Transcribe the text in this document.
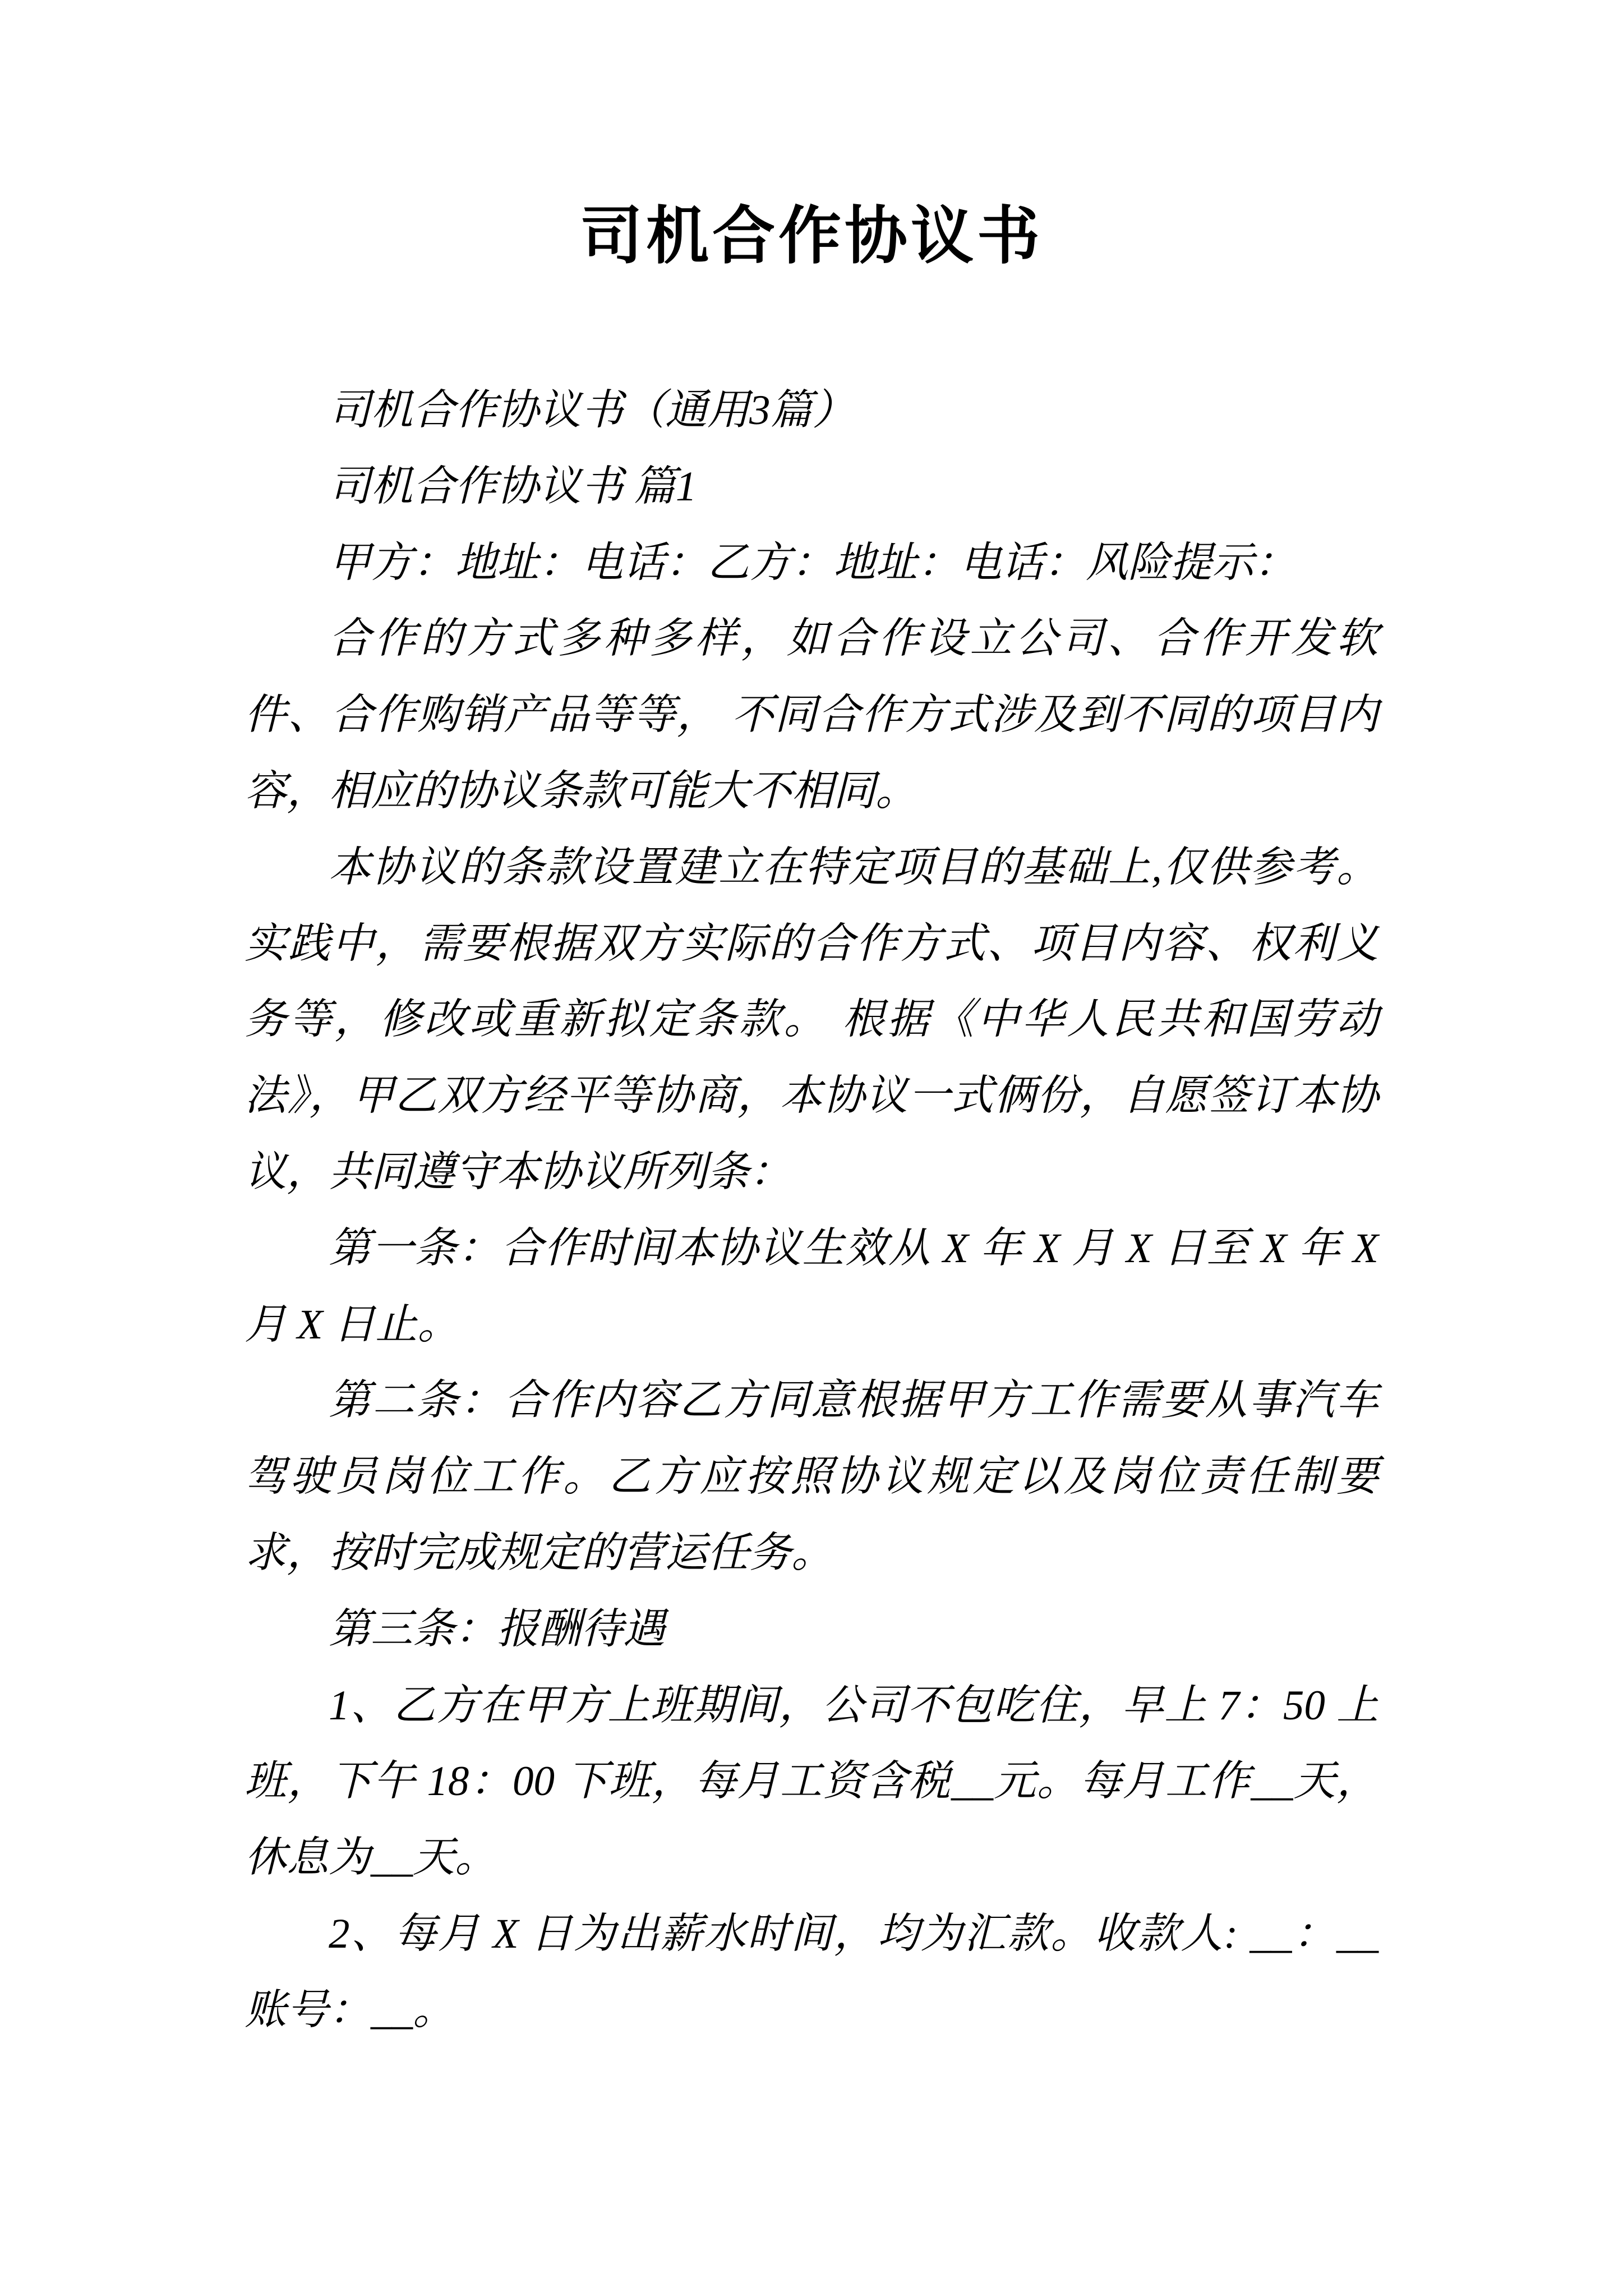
司机合作协议书

司机合作协议书（通用3篇）

司机合作协议书 篇1

甲方：地址：电话：乙方：地址：电话：风险提示：

合作的方式多种多样，如合作设立公司、合作开发软件、合作购销产品等等， 不同合作方式涉及到不同的项目内容，相应的协议条款可能大不相同。

本协议的条款设置建立在特定项目的基础上,仅供参考。实践中，需要根据双方实际的合作方式、项目内容、权利义务等，修改或重新拟定条款。 根据《中华人民共和国劳动法》，甲乙双方经平等协商，本协议一式俩份，自愿签订本协议，共同遵守本协议所列条：

第一条：合作时间本协议生效从 X 年 X 月 X 日至 X 年 X 月 X 日止。

第二条：合作内容乙方同意根据甲方工作需要从事汽车驾驶员岗位工作。乙方应按照协议规定以及岗位责任制要求，按时完成规定的营运任务。

第三条：报酬待遇

1、乙方在甲方上班期间，公司不包吃住，早上 7：50 上班，下午 18：00 下班，每月工资含税__元。每月工作__天，休息为__天。

2、每月 X 日为出薪水时间，均为汇款。收款人: __：__账号：__。
